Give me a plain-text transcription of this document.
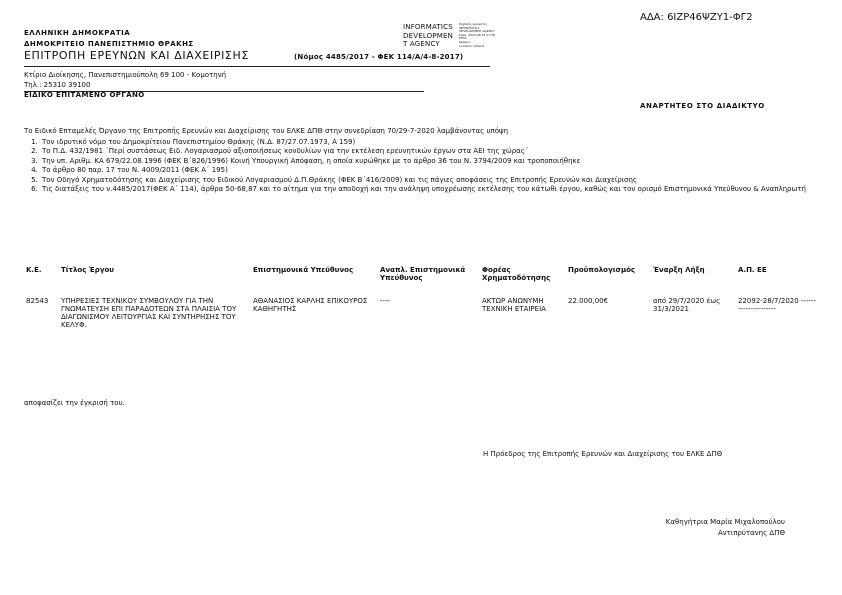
ΑΔΑ: 6ΙΖΡ46ΨΖΥ1-ΦΓ2
ΕΛΛΗΝΙΚΗ ΔΗΜΟΚΡΑΤΙΑ
ΔΗΜΟΚΡΙΤΕΙΟ ΠΑΝΕΠΙΣΤΗΜΙΟ ΘΡΑΚΗΣ
ΕΠΙΤΡΟΠΗ ΕΡΕΥΝΩΝ ΚΑΙ ΔΙΑΧΕΙΡΙΣΗΣ	(Νόμος 4485/2017 - ΦΕΚ 114/Α/4-8-2017)
INFORMATICS
DEVELOPMEN
T AGENCY
Digitally signed by
INFORMATICS
DEVELOPMENT AGENCY
Date: 2020.08.18 17:56
EEST
Reason:
Location: Athens
Κτίριο Διοίκησης, Πανεπιστημιούπολη 69 100 - Κομοτηνή
Τηλ.: 25310 39100
ΕΙΔΙΚΟ ΕΠΙΤΑΜΕΝΟ ΟΡΓΑΝΟ
ΑΝΑΡΤΗΤΕΟ ΣΤΟ ΔΙΑΔΙΚΤΥΟ
Το Ειδικό Επταμελές Όργανο της Επιτροπής Ερευνών και Διαχείρισης του ΕΛΚΕ ΔΠΘ στην συνεδρίαση 70/29-7-2020 λαμβάνοντας υπόψη
1. Τον ιδρυτικό νόμο του Δημοκρίτειου Πανεπιστημίου Θράκης (Ν.Δ. 87/27.07.1973, Α 159)
2. Το Π.Δ. 432/1981 ΄Περί συστάσεως Ειδ. Λογαριασμού αξιοποιήσεως κονδυλίων για την εκτέλεση ερευνητικών έργων στα ΑΕΙ της χώρας΄
3. Την υπ. Αριθμ. ΚΑ 679/22.08.1996 (ΦΕΚ Β΄826/1996) Κοινή Υπουργική Απόφαση, η οποία κυρώθηκε με το άρθρο 36 του Ν. 3794/2009 και τροποποιήθηκε
4. Το άρθρο 80 παρ. 17 του Ν. 4009/2011 (ΦΕΚ Α΄ 195)
5. Τον Οδηγό Χρηματοδότησης και Διαχείρισης του Ειδικού Λογαριασμού Δ.Π.Θράκης (ΦΕΚ Β΄416/2009) και τις πάγιες αποφάσεις της Επιτροπής Ερευνών και Διαχείρισης
6. Τις διατάξεις του ν.4485/2017(ΦΕΚ Α΄ 114), άρθρα 50-68,87 και το αίτημα για την αποδοχή και την ανάληψη υποχρέωσης εκτέλεσης του κάτωθι έργου, καθώς και τον ορισμό Επιστημονικά Υπεύθυνου & Αναπληρωτή
Κ.Ε.	Τίτλος Έργου	Επιστημονικά Υπεύθυνος	Αναπλ. Επιστημονικά Υπεύθυνος	Φορέας Χρηματοδότησης	Προϋπολογισμός	Έναρξη Λήξη	Α.Π. ΕΕ
82543	ΥΠΗΡΕΣΙΕΣ ΤΕΧΝΙΚΟΥ ΣΥΜΒΟΥΛΟΥ ΓΙΑ ΤΗΝ ΓΝΩΜΑΤΕΥΣΗ ΕΠΙ ΠΑΡΑΔΟΤΕΩΝ ΣΤΑ ΠΛΑΙΣΙΑ ΤΟΥ ΔΙΑΓΩΝΙΣΜΟΥ ΛΕΙΤΟΥΡΓΙΑΣ ΚΑΙ ΣΥΝΤΗΡΗΣΗΣ ΤΟΥ ΚΕΛΥΦ.	ΑΘΑΝΑΣΙΟΣ ΚΑΡΛΗΣ ΕΠΙΚΟΥΡΟΣ ΚΑΘΗΓΗΤΗΣ	----	ΑΚΤΩΡ ΑΝΩΝΥΜΗ ΤΕΧΝΙΚΗ ΕΤΑΙΡΕΙΑ	22.000,00€	από 29/7/2020 έως 31/3/2021	22092-28/7/2020 ---------------------
αποφασίζει την έγκρισή του.
Η Πρόεδρος της Επιτροπής Ερευνών και Διαχείρισης του ΕΛΚΕ ΔΠΘ
Καθηγήτρια Μαρία Μιχαλοπούλου
Αντιπρύτανης ΔΠΘ
